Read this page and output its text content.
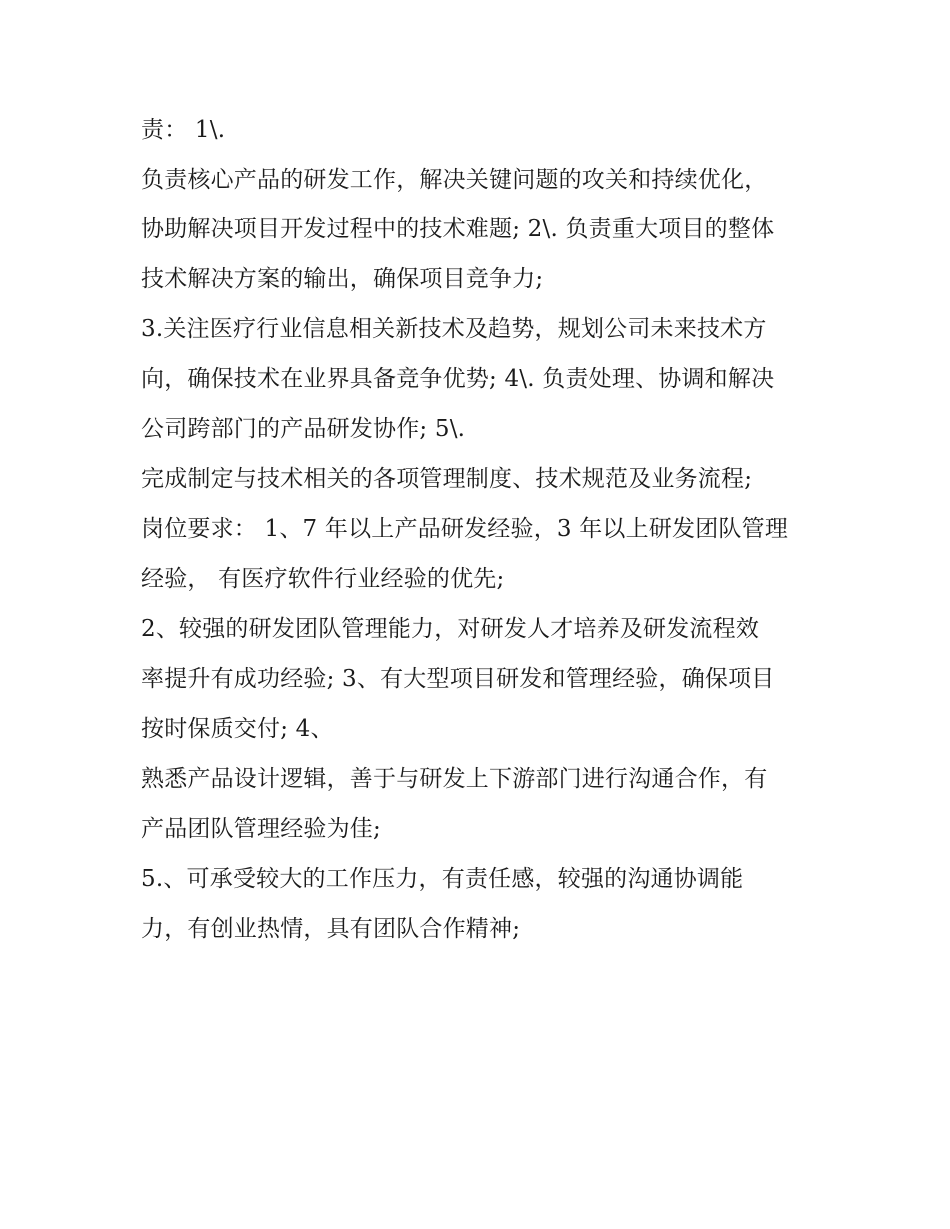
责： 1\.
负责核心产品的研发工作，解决关键问题的攻关和持续优化，
协助解决项目开发过程中的技术难题; 2\. 负责重大项目的整体
技术解决方案的输出，确保项目竞争力;
3.关注医疗行业信息相关新技术及趋势，规划公司未来技术方
向，确保技术在业界具备竞争优势; 4\. 负责处理、协调和解决
公司跨部门的产品研发协作; 5\.
完成制定与技术相关的各项管理制度、技术规范及业务流程;
岗位要求： 1、7 年以上产品研发经验，3 年以上研发团队管理
经验， 有医疗软件行业经验的优先;
2、较强的研发团队管理能力，对研发人才培养及研发流程效
率提升有成功经验; 3、有大型项目研发和管理经验，确保项目
按时保质交付; 4、
熟悉产品设计逻辑，善于与研发上下游部门进行沟通合作，有
产品团队管理经验为佳;
5.、可承受较大的工作压力，有责任感，较强的沟通协调能
力，有创业热情，具有团队合作精神;
